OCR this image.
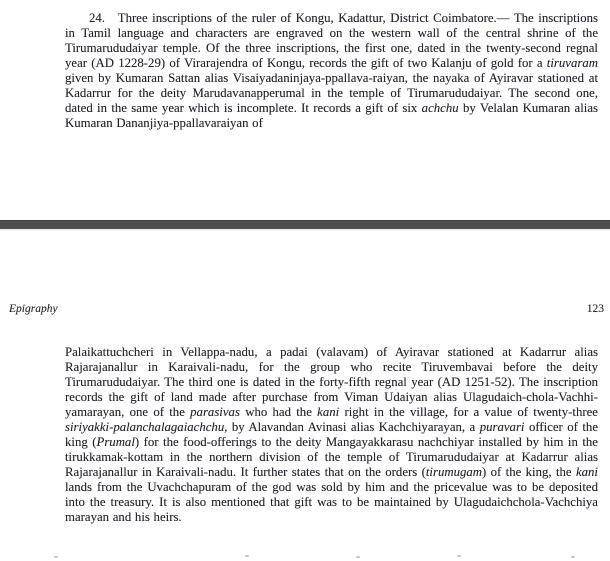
24. Three inscriptions of the ruler of Kongu, Kadattur, District Coimbatore.— The inscriptions in Tamil language and characters are engraved on the western wall of the central shrine of the Tirumarududaiyar temple. Of the three inscriptions, the first one, dated in the twenty-second regnal year (AD 1228-29) of Virarajendra of Kongu, records the gift of two Kalanju of gold for a tiruvaram given by Kumaran Sattan alias Visaiyadaninjaya-ppallava-raiyan, the nayaka of Ayiravar stationed at Kadarrur for the deity Marudavanapperumal in the temple of Tirumarududaiyar. The second one, dated in the same year which is incomplete. It records a gift of six achchu by Velalan Kumaran alias Kumaran Dananjiya-ppallavaraiyan of

Epigraphy	123

Palaikattuchcheri in Vellappa-nadu, a padai (valavam) of Ayiravar stationed at Kadarrur alias Rajarajanallur in Karaivali-nadu, for the group who recite Tiruvembavai before the deity Tirumarududaiyar. The third one is dated in the forty-fifth regnal year (AD 1251-52). The inscription records the gift of land made after purchase from Viman Udaiyan alias Ulagudaich-chola-Vachhi-yamarayan, one of the parasivas who had the kani right in the village, for a value of twenty-three siriyakki-palanchalagaiachchu, by Alavandan Avinasi alias Kachchiyarayan, a puravari officer of the king (Prumal) for the food-offerings to the deity Mangayakkarasu nachchiyar installed by him in the tirukkamak-kottam in the northern division of the temple of Tirumarududaiyar at Kadarrur alias Rajarajanallur in Karaivali-nadu. It further states that on the orders (tirumugam) of the king, the kani lands from the Uvachchapuram of the god was sold by him and the pricevalue was to be deposited into the treasury. It is also mentioned that gift was to be maintained by Ulagudaichchola-Vachchiya marayan and his heirs.
